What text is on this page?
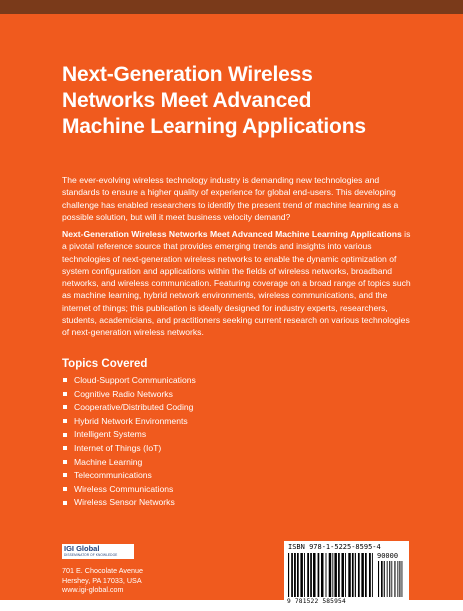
Next-Generation Wireless
Networks Meet Advanced
Machine Learning Applications
The ever-evolving wireless technology industry is demanding new technologies and standards to ensure a higher quality of experience for global end-users. This developing challenge has enabled researchers to identify the present trend of machine learning as a possible solution, but will it meet business velocity demand?
Next-Generation Wireless Networks Meet Advanced Machine Learning Applications is a pivotal reference source that provides emerging trends and insights into various technologies of next-generation wireless networks to enable the dynamic optimization of system configuration and applications within the fields of wireless networks, broadband networks, and wireless communication. Featuring coverage on a broad range of topics such as machine learning, hybrid network environments, wireless communications, and the internet of things; this publication is ideally designed for industry experts, researchers, students, academicians, and practitioners seeking current research on various technologies of next-generation wireless networks.
Topics Covered
Cloud-Support Communications
Cognitive Radio Networks
Cooperative/Distributed Coding
Hybrid Network Environments
Intelligent Systems
Internet of Things (IoT)
Machine Learning
Telecommunications
Wireless Communications
Wireless Sensor Networks
IGI Global
DISSEMINATOR OF KNOWLEDGE
701 E. Chocolate Avenue
Hershey, PA 17033, USA
www.igi-global.com
ISBN 978-1-5225-8595-4
90000
9 781522 585954
